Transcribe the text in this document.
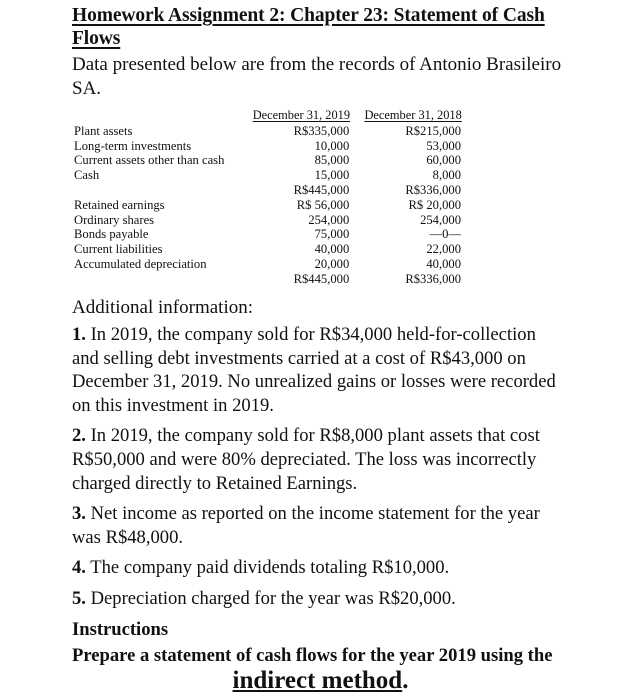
Homework Assignment 2: Chapter 23: Statement of Cash
Flows

Data presented below are from the records of Antonio Brasileiro SA.

	December 31, 2019	December 31, 2018
Plant assets	R$335,000	R$215,000
Long-term investments	10,000	53,000
Current assets other than cash	85,000	60,000
Cash	15,000	8,000
	R$445,000	R$336,000
Retained earnings	R$ 56,000	R$ 20,000
Ordinary shares	254,000	254,000
Bonds payable	75,000	—0—
Current liabilities	40,000	22,000
Accumulated depreciation	20,000	40,000
	R$445,000	R$336,000

Additional information:

1. In 2019, the company sold for R$34,000 held-for-collection and selling debt investments carried at a cost of R$43,000 on December 31, 2019. No unrealized gains or losses were recorded on this investment in 2019.

2. In 2019, the company sold for R$8,000 plant assets that cost R$50,000 and were 80% depreciated. The loss was incorrectly charged directly to Retained Earnings.

3. Net income as reported on the income statement for the year was R$48,000.

4. The company paid dividends totaling R$10,000.

5. Depreciation charged for the year was R$20,000.

Instructions

Prepare a statement of cash flows for the year 2019 using the
indirect method.
